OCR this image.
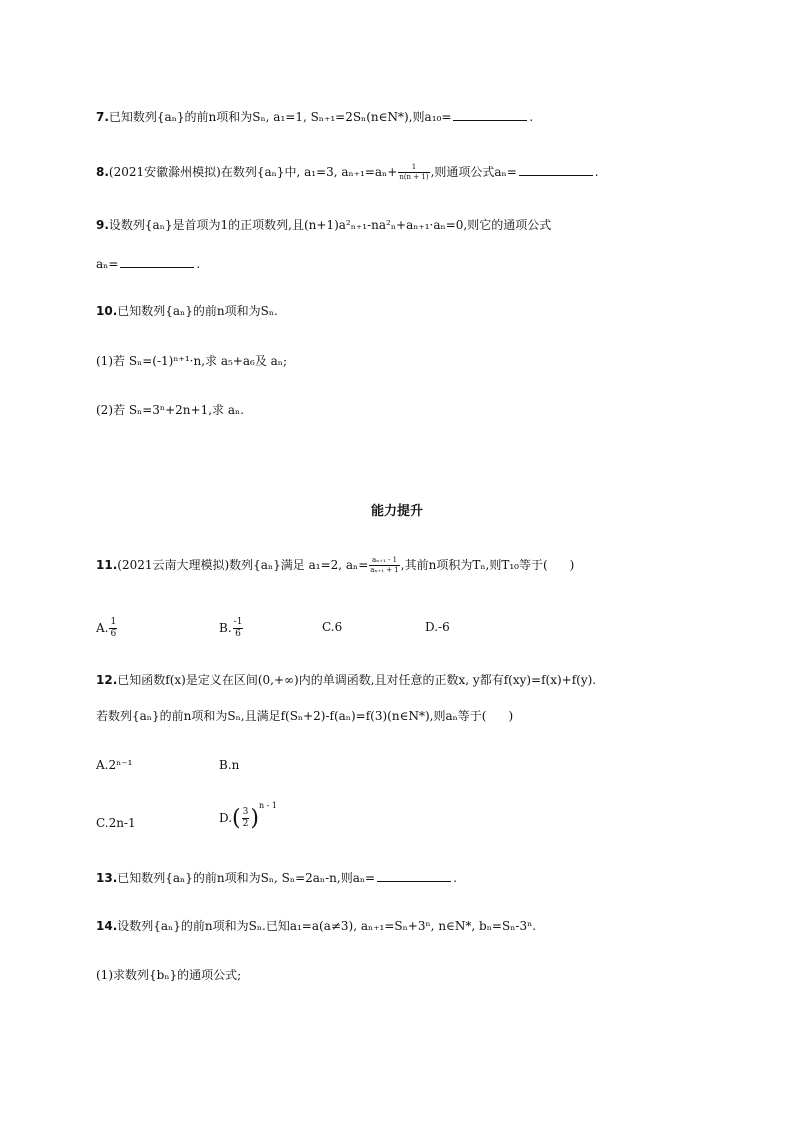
7.已知数列{aₙ}的前n项和为Sₙ, a₁=1, Sₙ₊₁=2Sₙ(n∈N*),则a₁₀=	.
8.(2021安徽滁州模拟)在数列{aₙ}中, a₁=3, $a_{n+1}=a_n+ \frac{1}{n(n + 1)}$ ,则通项公式aₙ=	.
9.设数列{aₙ}是首项为1的正项数列,且(n+1)a²ₙ₊₁-na²ₙ+aₙ₊₁·aₙ=0,则它的通项公式
aₙ=	.
10.已知数列{aₙ}的前n项和为Sₙ.
(1)若 Sₙ=(-1)ⁿ⁺¹·n,求 a₅+a₆及 aₙ;
(2)若 Sₙ=3ⁿ+2n+1,求 aₙ.
能力提升
11.(2021云南大理模拟)数列{aₙ}满足 a₁=2, $a_n= \frac{\text{aₙ₊₁ - 1}}{\text{aₙ₊₁ + 1}}$ ,其前n项积为Tₙ,则T₁₀等于( )
A. $\frac{1}{6}$	B. $\frac{-1}{6}$	C.6	D.-6
12.已知函数f(x)是定义在区间(0,+∞)内的单调函数,且对任意的正数x, y都有f(xy)=f(x)+f(y).
若数列{aₙ}的前n项和为Sₙ,且满足f(Sₙ+2)-f(aₙ)=f(3)(n∈N*),则aₙ等于( )
A.2ⁿ⁻¹	B.n
C.2n-1	$D.( \frac{3}{2} )^{n - 1}$
13.已知数列{aₙ}的前n项和为Sₙ, Sₙ=2aₙ-n,则aₙ=	.
14.设数列{aₙ}的前n项和为Sₙ.已知a₁=a(a≠3), aₙ₊₁=Sₙ+3ⁿ, n∈N*, bₙ=Sₙ-3ⁿ.
(1)求数列{bₙ}的通项公式;
